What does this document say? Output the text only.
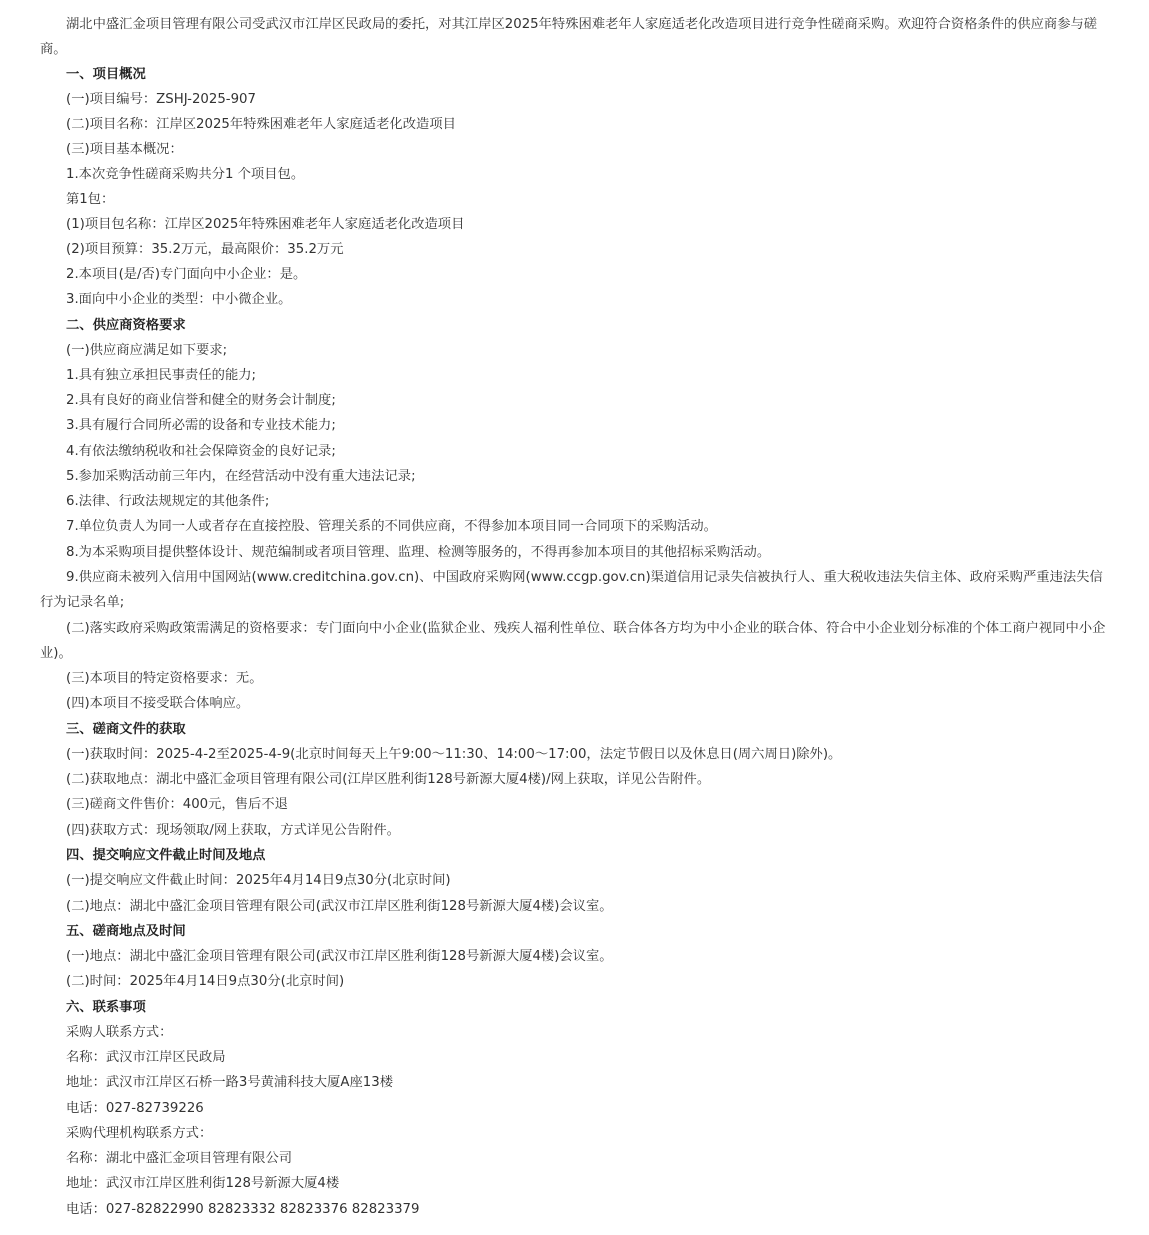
湖北中盛汇金项目管理有限公司受武汉市江岸区民政局的委托，对其江岸区2025年特殊困难老年人家庭适老化改造项目进行竞争性磋商采购。欢迎符合资格条件的供应商参与磋商。
一、项目概况
(一)项目编号：ZSHJ-2025-907
(二)项目名称：江岸区2025年特殊困难老年人家庭适老化改造项目
(三)项目基本概况：
1.本次竞争性磋商采购共分1 个项目包。
第1包：
(1)项目包名称：江岸区2025年特殊困难老年人家庭适老化改造项目
(2)项目预算：35.2万元，最高限价：35.2万元
2.本项目(是/否)专门面向中小企业：是。
3.面向中小企业的类型：中小微企业。
二、供应商资格要求
(一)供应商应满足如下要求;
1.具有独立承担民事责任的能力;
2.具有良好的商业信誉和健全的财务会计制度;
3.具有履行合同所必需的设备和专业技术能力;
4.有依法缴纳税收和社会保障资金的良好记录;
5.参加采购活动前三年内，在经营活动中没有重大违法记录;
6.法律、行政法规规定的其他条件;
7.单位负责人为同一人或者存在直接控股、管理关系的不同供应商，不得参加本项目同一合同项下的采购活动。
8.为本采购项目提供整体设计、规范编制或者项目管理、监理、检测等服务的，不得再参加本项目的其他招标采购活动。
9.供应商未被列入信用中国网站(www.creditchina.gov.cn)、中国政府采购网(www.ccgp.gov.cn)渠道信用记录失信被执行人、重大税收违法失信主体、政府采购严重违法失信行为记录名单;
(二)落实政府采购政策需满足的资格要求：专门面向中小企业(监狱企业、残疾人福利性单位、联合体各方均为中小企业的联合体、符合中小企业划分标准的个体工商户视同中小企业)。
(三)本项目的特定资格要求：无。
(四)本项目不接受联合体响应。
三、磋商文件的获取
(一)获取时间：2025-4-2至2025-4-9(北京时间每天上午9:00～11:30、14:00～17:00，法定节假日以及休息日(周六周日)除外)。
(二)获取地点：湖北中盛汇金项目管理有限公司(江岸区胜利街128号新源大厦4楼)/网上获取，详见公告附件。
(三)磋商文件售价：400元，售后不退
(四)获取方式：现场领取/网上获取，方式详见公告附件。
四、提交响应文件截止时间及地点
(一)提交响应文件截止时间：2025年4月14日9点30分(北京时间)
(二)地点：湖北中盛汇金项目管理有限公司(武汉市江岸区胜利街128号新源大厦4楼)会议室。
五、磋商地点及时间
(一)地点：湖北中盛汇金项目管理有限公司(武汉市江岸区胜利街128号新源大厦4楼)会议室。
(二)时间：2025年4月14日9点30分(北京时间)
六、联系事项
采购人联系方式：
名称：武汉市江岸区民政局
地址：武汉市江岸区石桥一路3号黄浦科技大厦A座13楼
电话：027-82739226
采购代理机构联系方式：
名称：湖北中盛汇金项目管理有限公司
地址：武汉市江岸区胜利街128号新源大厦4楼
电话：027-82822990 82823332 82823376 82823379
